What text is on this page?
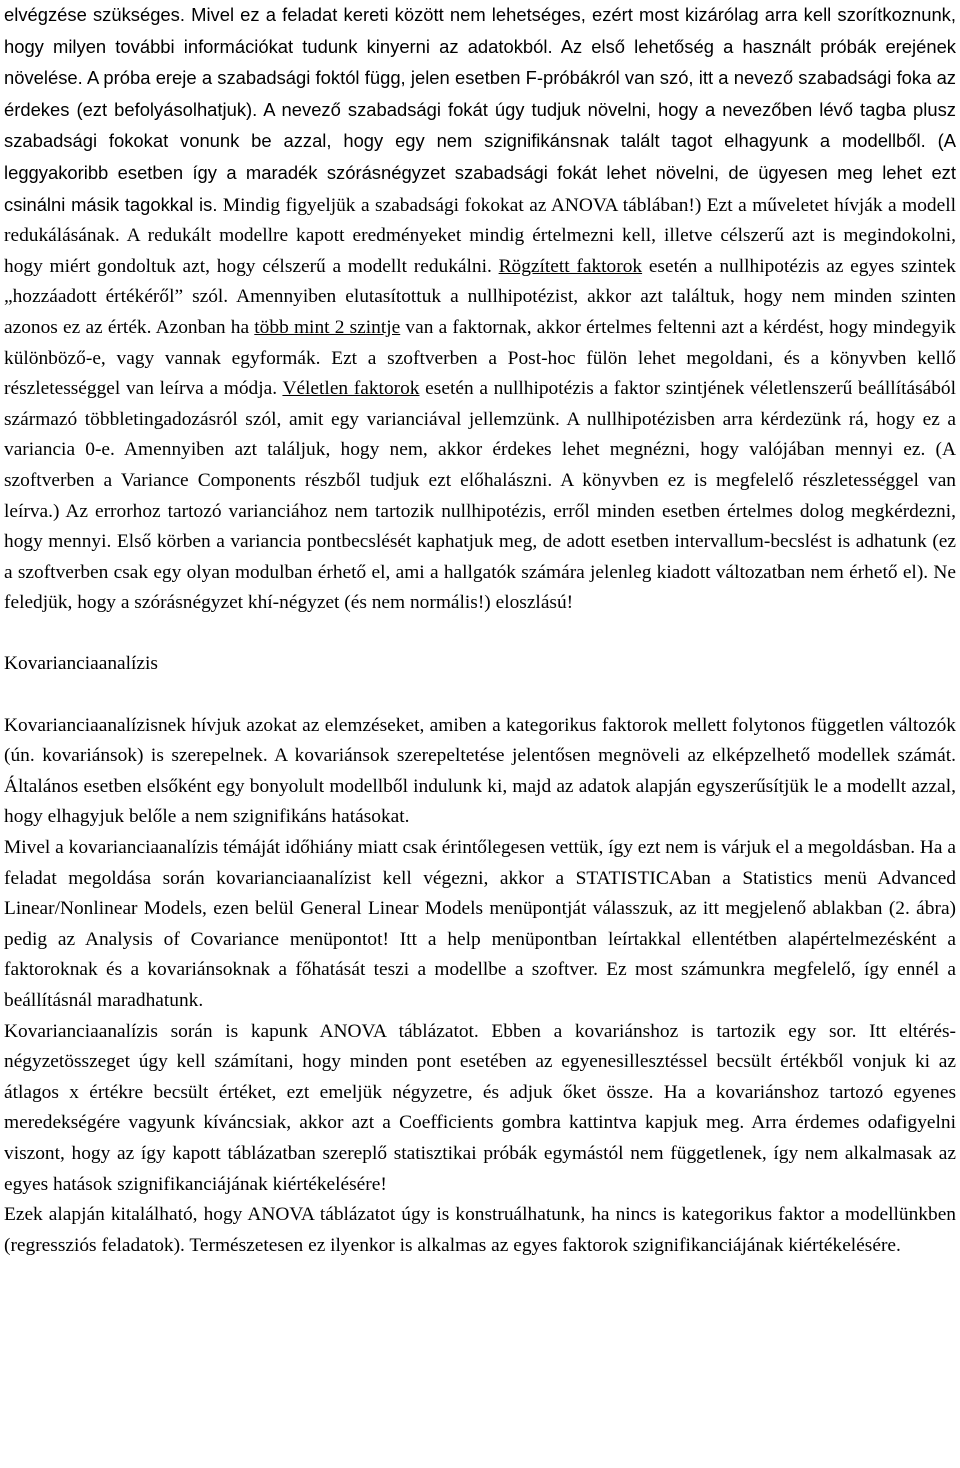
elvégzése szükséges. Mivel ez a feladat kereti között nem lehetséges, ezért most kizárólag arra kell szorítkoznunk, hogy milyen további információkat tudunk kinyerni az adatokból. Az első lehetőség a használt próbák erejének növelése. A próba ereje a szabadsági foktól függ, jelen esetben F-próbákról van szó, itt a nevező szabadsági foka az érdekes (ezt befolyásolhatjuk). A nevező szabadsági fokát úgy tudjuk növelni, hogy a nevezőben lévő tagba plusz szabadsági fokokat vonunk be azzal, hogy egy nem szignifikánsnak talált tagot elhagyunk a modellből. (A leggyakoribb esetben így a maradék szórásnégyzet szabadsági fokát lehet növelni, de ügyesen meg lehet ezt csinálni másik tagokkal is. Mindig figyeljük a szabadsági fokokat az ANOVA táblában!) Ezt a műveletet hívják a modell redukálásának. A redukált modellre kapott eredményeket mindig értelmezni kell, illetve célszerű azt is megindokolni, hogy miért gondoltuk azt, hogy célszerű a modellt redukálni. Rögzített faktorok esetén a nullhipotézis az egyes szintek „hozzáadott értékéről” szól. Amennyiben elutasítottuk a nullhipotézist, akkor azt találtuk, hogy nem minden szinten azonos ez az érték. Azonban ha több mint 2 szintje van a faktornak, akkor értelmes feltenni azt a kérdést, hogy mindegyik különböző-e, vagy vannak egyformák. Ezt a szoftverben a Post-hoc fülön lehet megoldani, és a könyvben kellő részletességgel van leírva a módja. Véletlen faktorok esetén a nullhipotézis a faktor szintjének véletlenszerű beállításából származó többletingadozásról szól, amit egy varianciával jellemzünk. A nullhipotézisben arra kérdezünk rá, hogy ez a variancia 0-e. Amennyiben azt találjuk, hogy nem, akkor érdekes lehet megnézni, hogy valójában mennyi ez. (A szoftverben a Variance Components részből tudjuk ezt előhalászni. A könyvben ez is megfelelő részletességgel van leírva.) Az errorhoz tartozó varianciához nem tartozik nullhipotézis, erről minden esetben értelmes dolog megkérdezni, hogy mennyi. Első körben a variancia pontbecslését kaphatjuk meg, de adott esetben intervallum-becslést is adhatunk (ez a szoftverben csak egy olyan modulban érhető el, ami a hallgatók számára jelenleg kiadott változatban nem érhető el). Ne feledjük, hogy a szórásnégyzet khí-négyzet (és nem normális!) eloszlású!

Kovarianciaanalízis

Kovarianciaanalízisnek hívjuk azokat az elemzéseket, amiben a kategorikus faktorok mellett folytonos független változók (ún. kovariánsok) is szerepelnek. A kovariánsok szerepeltetése jelentősen megnöveli az elképzelhető modellek számát. Általános esetben elsőként egy bonyolult modellből indulunk ki, majd az adatok alapján egyszerűsítjük le a modellt azzal, hogy elhagyjuk belőle a nem szignifikáns hatásokat.

Mivel a kovarianciaanalízis témáját időhiány miatt csak érintőlegesen vettük, így ezt nem is várjuk el a megoldásban. Ha a feladat megoldása során kovarianciaanalízist kell végezni, akkor a STATISTICAban a Statistics menü Advanced Linear/Nonlinear Models, ezen belül General Linear Models menüpontját válasszuk, az itt megjelenő ablakban (2. ábra) pedig az Analysis of Covariance menüpontot! Itt a help menüpontban leírtakkal ellentétben alapértelmezésként a faktoroknak és a kovariánsoknak a főhatását teszi a modellbe a szoftver. Ez most számunkra megfelelő, így ennél a beállításnál maradhatunk.

Kovarianciaanalízis során is kapunk ANOVA táblázatot. Ebben a kovariánshoz is tartozik egy sor. Itt eltérés-négyzetösszeget úgy kell számítani, hogy minden pont esetében az egyenesillesztéssel becsült értékből vonjuk ki az átlagos x értékre becsült értéket, ezt emeljük négyzetre, és adjuk őket össze. Ha a kovariánshoz tartozó egyenes meredekségére vagyunk kíváncsiak, akkor azt a Coefficients gombra kattintva kapjuk meg. Arra érdemes odafigyelni viszont, hogy az így kapott táblázatban szereplő statisztikai próbák egymástól nem függetlenek, így nem alkalmasak az egyes hatások szignifikanciájának kiértékelésére!

Ezek alapján kitalálható, hogy ANOVA táblázatot úgy is konstruálhatunk, ha nincs is kategorikus faktor a modellünkben (regressziós feladatok). Természetesen ez ilyenkor is alkalmas az egyes faktorok szignifikanciájának kiértékelésére.
